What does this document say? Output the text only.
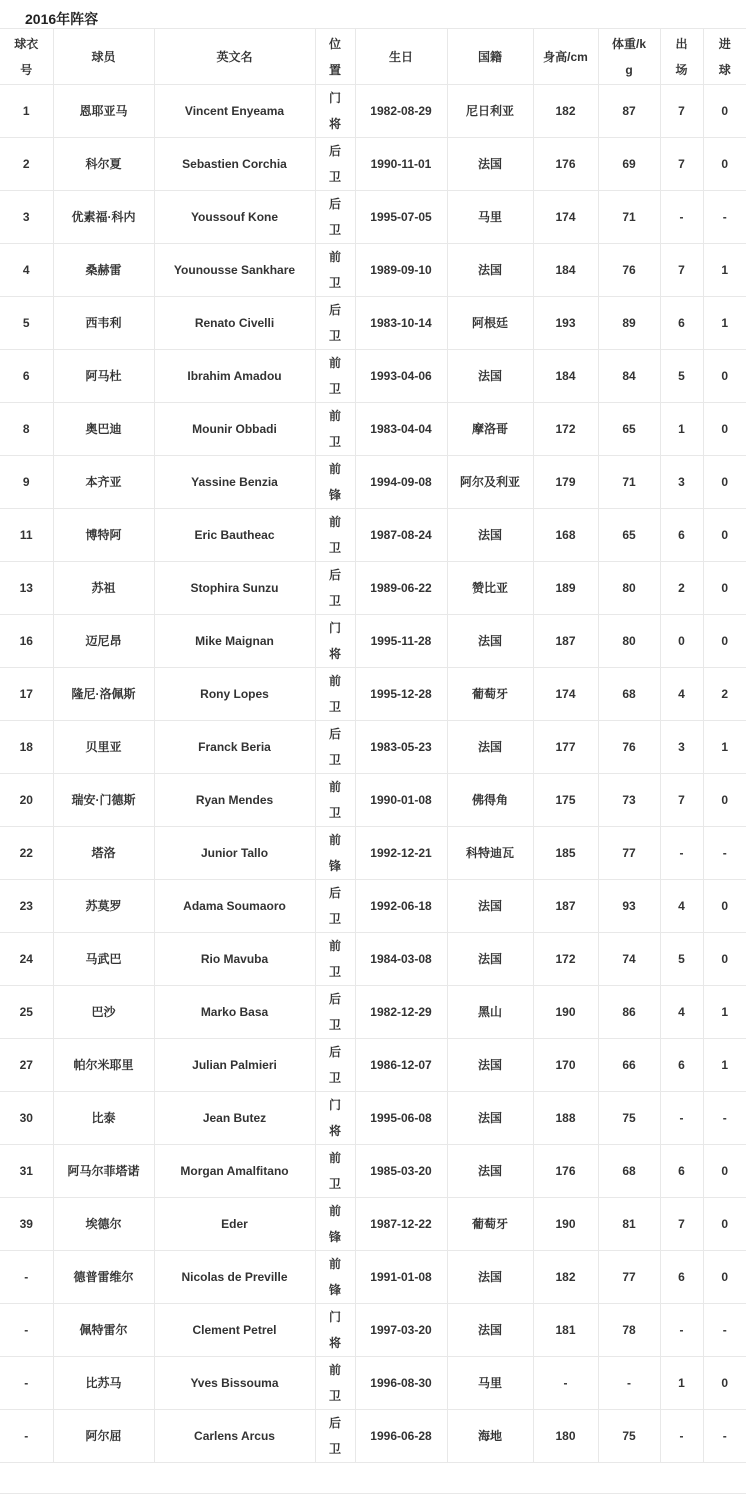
2016年阵容
球衣号	球员	英文名	位置	生日	国籍	身高/cm	体重/kg	出场	进球
1	恩耶亚马	Vincent Enyeama	门将	1982-08-29	尼日利亚	182	87	7	0
2	科尔夏	Sebastien Corchia	后卫	1990-11-01	法国	176	69	7	0
3	优素福·科内	Youssouf Kone	后卫	1995-07-05	马里	174	71	-	-
4	桑赫雷	Younousse Sankhare	前卫	1989-09-10	法国	184	76	7	1
5	西韦利	Renato Civelli	后卫	1983-10-14	阿根廷	193	89	6	1
6	阿马杜	Ibrahim Amadou	前卫	1993-04-06	法国	184	84	5	0
8	奥巴迪	Mounir Obbadi	前卫	1983-04-04	摩洛哥	172	65	1	0
9	本齐亚	Yassine Benzia	前锋	1994-09-08	阿尔及利亚	179	71	3	0
11	博特阿	Eric Bautheac	前卫	1987-08-24	法国	168	65	6	0
13	苏祖	Stophira Sunzu	后卫	1989-06-22	赞比亚	189	80	2	0
16	迈尼昂	Mike Maignan	门将	1995-11-28	法国	187	80	0	0
17	隆尼·洛佩斯	Rony Lopes	前卫	1995-12-28	葡萄牙	174	68	4	2
18	贝里亚	Franck Beria	后卫	1983-05-23	法国	177	76	3	1
20	瑞安·门德斯	Ryan Mendes	前卫	1990-01-08	佛得角	175	73	7	0
22	塔洛	Junior Tallo	前锋	1992-12-21	科特迪瓦	185	77	-	-
23	苏莫罗	Adama Soumaoro	后卫	1992-06-18	法国	187	93	4	0
24	马武巴	Rio Mavuba	前卫	1984-03-08	法国	172	74	5	0
25	巴沙	Marko Basa	后卫	1982-12-29	黑山	190	86	4	1
27	帕尔米耶里	Julian Palmieri	后卫	1986-12-07	法国	170	66	6	1
30	比泰	Jean Butez	门将	1995-06-08	法国	188	75	-	-
31	阿马尔菲塔诺	Morgan Amalfitano	前卫	1985-03-20	法国	176	68	6	0
39	埃德尔	Eder	前锋	1987-12-22	葡萄牙	190	81	7	0
-	德普雷维尔	Nicolas de Preville	前锋	1991-01-08	法国	182	77	6	0
-	佩特雷尔	Clement Petrel	门将	1997-03-20	法国	181	78	-	-
-	比苏马	Yves Bissouma	前卫	1996-08-30	马里	-	-	1	0
-	阿尔屈	Carlens Arcus	后卫	1996-06-28	海地	180	75	-	-
